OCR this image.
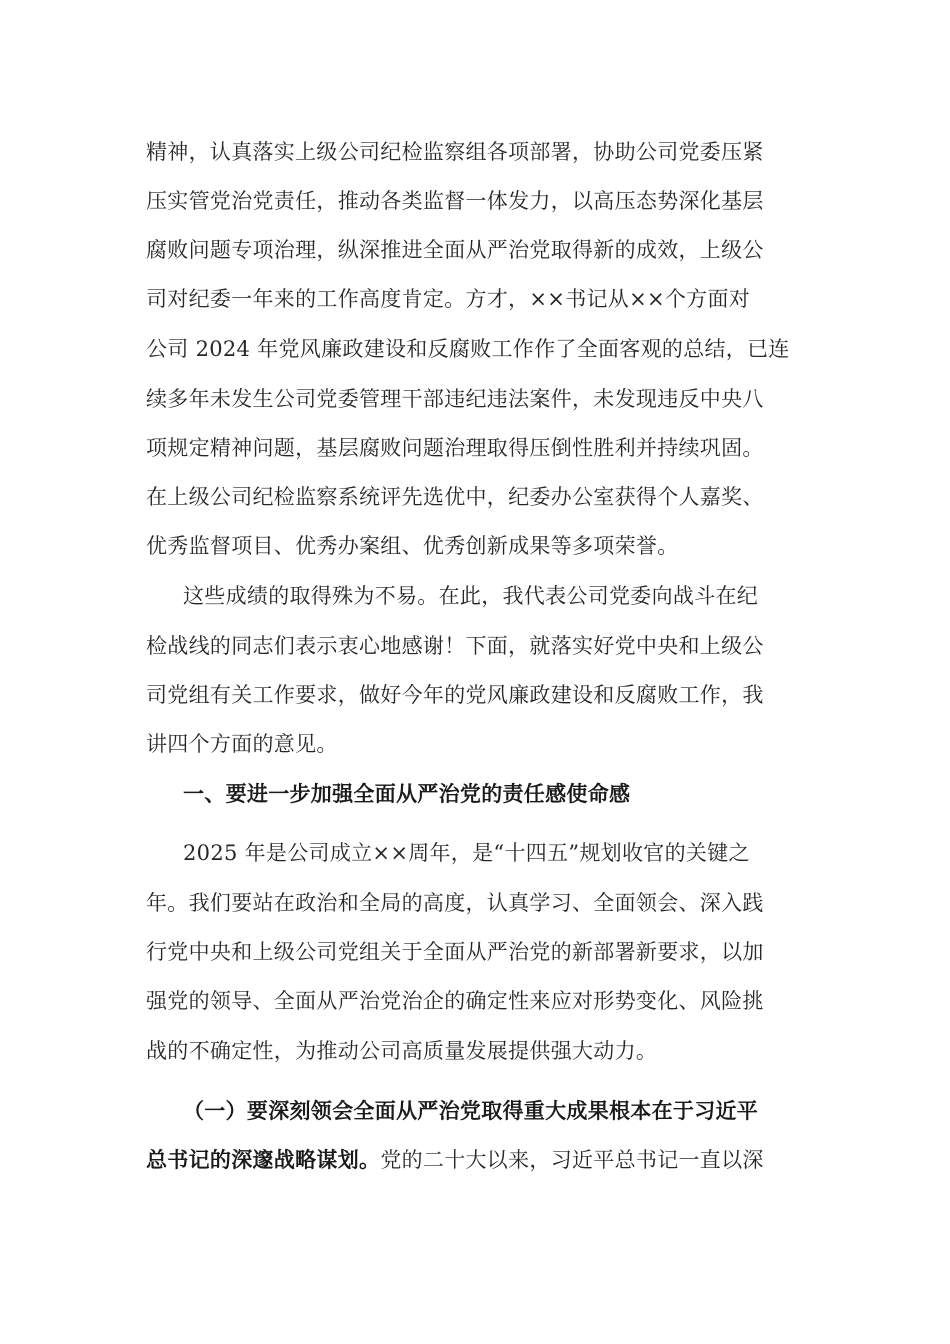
精神，认真落实上级公司纪检监察组各项部署，协助公司党委压紧
压实管党治党责任，推动各类监督一体发力，以高压态势深化基层
腐败问题专项治理，纵深推进全面从严治党取得新的成效，上级公
司对纪委一年来的工作高度肯定。方才，××书记从××个方面对
公司 2024 年党风廉政建设和反腐败工作作了全面客观的总结，已连
续多年未发生公司党委管理干部违纪违法案件，未发现违反中央八
项规定精神问题，基层腐败问题治理取得压倒性胜利并持续巩固。
在上级公司纪检监察系统评先选优中，纪委办公室获得个人嘉奖、
优秀监督项目、优秀办案组、优秀创新成果等多项荣誉。
这些成绩的取得殊为不易。在此，我代表公司党委向战斗在纪
检战线的同志们表示衷心地感谢！下面，就落实好党中央和上级公
司党组有关工作要求，做好今年的党风廉政建设和反腐败工作，我
讲四个方面的意见。
一、要进一步加强全面从严治党的责任感使命感
2025 年是公司成立××周年，是“十四五”规划收官的关键之
年。我们要站在政治和全局的高度，认真学习、全面领会、深入践
行党中央和上级公司党组关于全面从严治党的新部署新要求，以加
强党的领导、全面从严治党治企的确定性来应对形势变化、风险挑
战的不确定性，为推动公司高质量发展提供强大动力。
（一）要深刻领会全面从严治党取得重大成果根本在于习近平
总书记的深邃战略谋划。党的二十大以来，习近平总书记一直以深
